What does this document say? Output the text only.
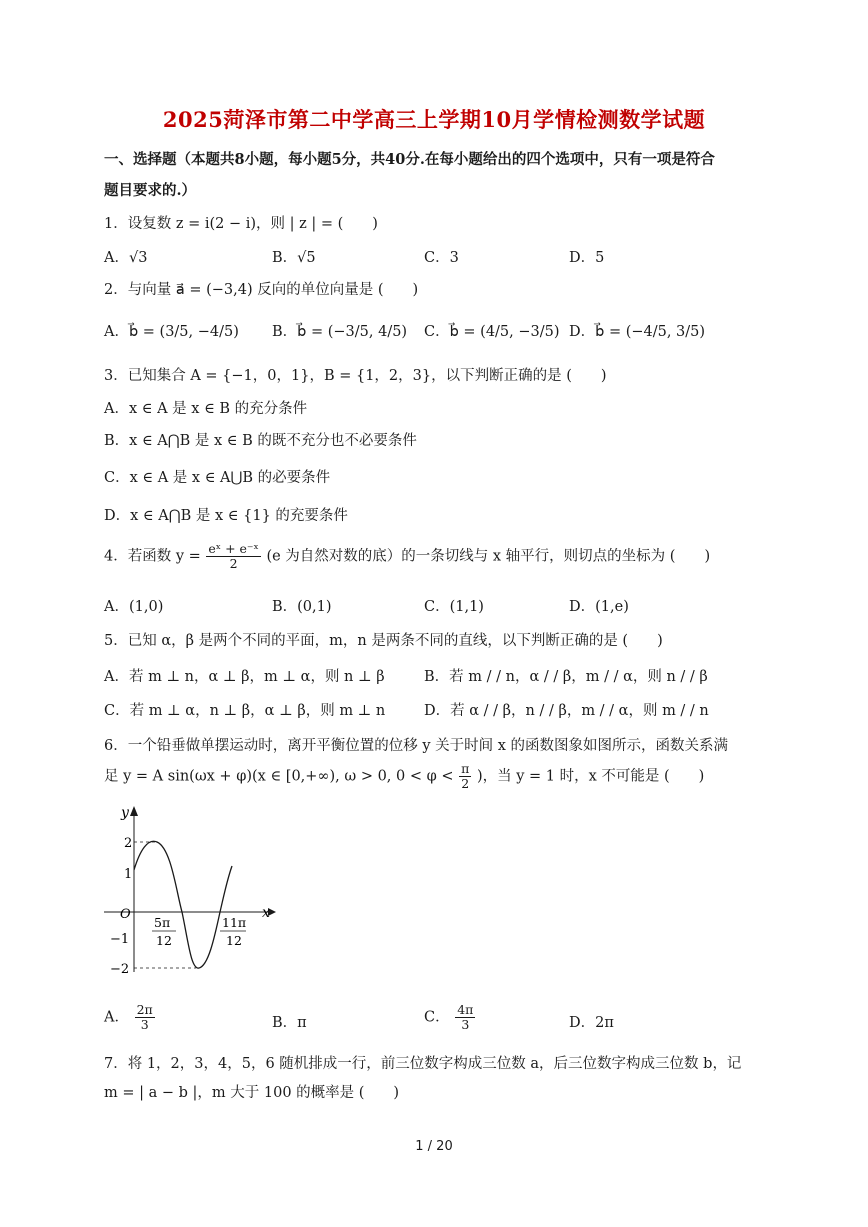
2025菏泽市第二中学高三上学期10月学情检测数学试题
一、选择题（本题共8小题，每小题5分，共40分.在每小题给出的四个选项中，只有一项是符合
题目要求的.）
1．设复数 z = i(2 − i)，则 | z | = (　　)
A．√3	B．√5	C．3	D．5
2．与向量 a⃗ = (−3,4) 反向的单位向量是 (　　)
A．b⃗ = (3/5, −4/5) B．b⃗ = (−3/5, 4/5) C．b⃗ = (4/5, −3/5) D．b⃗ = (−4/5, 3/5)
3．已知集合 A = {−1，0，1}，B = {1，2，3}，以下判断正确的是 (　　)
A．x ∈ A 是 x ∈ B 的充分条件
B．x ∈ A⋂B 是 x ∈ B 的既不充分也不必要条件
C．x ∈ A 是 x ∈ A⋃B 的必要条件
D．x ∈ A⋂B 是 x ∈ {1} 的充要条件
4．若函数 $y = \frac{\text{eˣ + e⁻ˣ}}{2} (e$ 为自然对数的底）的一条切线与 x 轴平行，则切点的坐标为 (　　)
A．(1,0)	B．(0,1)	C．(1,1)	D．(1,e)
5．已知 α，β 是两个不同的平面，m，n 是两条不同的直线，以下判断正确的是 (　　)
A．若 m ⊥ n，α ⊥ β，m ⊥ α，则 n ⊥ β	B．若 m / / n，α / / β，m / / α，则 n / / β
C．若 m ⊥ α，n ⊥ β，α ⊥ β，则 m ⊥ n	D．若 α / / β，n / / β，m / / α，则 m / / n
6．一个铅垂做单摆运动时，离开平衡位置的位移 y 关于时间 x 的函数图象如图所示，函数关系满
足 y = A sin(ωx + φ)(x ∈ [0,+∞), ω > 0, $0 < \varphi < \frac{\pi}{2}$ )，当 y = 1 时，x 不可能是 (　　)
y
x
O
2
1
−1
−2
5π
12
11π
12
A． $\frac{2\pi}{3}$	B．π	C． $\frac{4\pi}{3}$	D．2π
7．将 1，2，3，4，5，6 随机排成一行，前三位数字构成三位数 a，后三位数字构成三位数 b，记
m = | a − b |，m 大于 100 的概率是 (　　)
1 / 20
